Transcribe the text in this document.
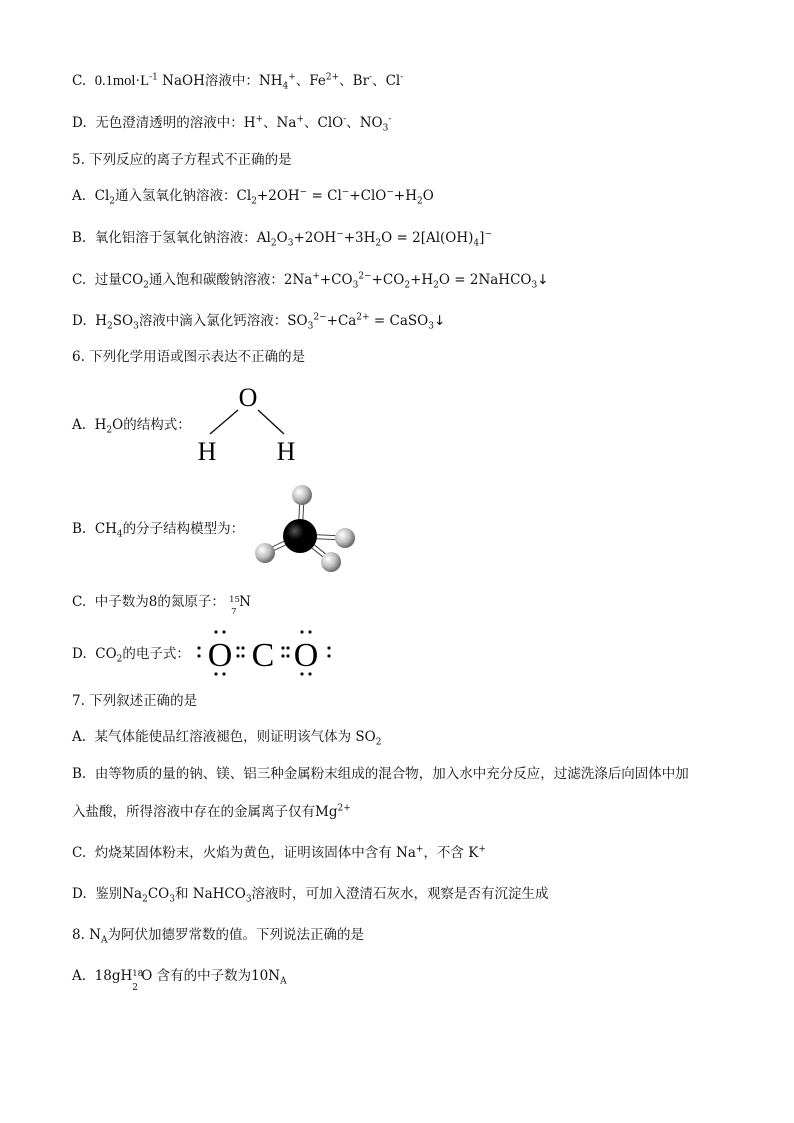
C. $0.1mol\cdot L^{-1}$ NaOH溶液中：$NH_4^+$、$Fe^{2+}$、Br-、Cl-
D. 无色澄清透明的溶液中：H+、Na+、ClO-、$NO_3^-$
5. 下列反应的离子方程式不正确的是
A. $Cl_2$通入氢氧化钠溶液：$Cl_2+2OH^- = Cl^-+ClO^-+H_2O$
B. 氧化铝溶于氢氧化钠溶液：$Al_2O_3+2OH^-+3H_2O = 2[Al(OH)_4]^-$
C. 过量$CO_2$通入饱和碳酸钠溶液：$2Na^++CO_3^{2-}+CO_2+H_2O$ = 2NaHCO$_3$↓
D. $H_2SO_3$溶液中滴入氯化钙溶液：$SO_3^{2-}+Ca^{2+}$ = CaSO$_3$↓
6. 下列化学用语或图示表达不正确的是
A. $H_2O$的结构式：
O
H H
B. $CH_4$的分子结构模型为：
C. 中子数为8的氮原子： 15
7
N
D. $CO_2$的电子式： O C O
7. 下列叙述正确的是
A. 某气体能使品红溶液褪色，则证明该气体为 $SO_2$
B. 由等物质的量的钠、镁、铝三种金属粉末组成的混合物，加入水中充分反应，过滤洗涤后向固体中加
入盐酸，所得溶液中存在的金属离子仅有$Mg^{2+}$
C. 灼烧某固体粉末，火焰为黄色，证明该固体中含有 Na+，不含 K+
D. 鉴别$Na_2CO_3$和 NaHCO$_3$溶液时，可加入澄清石灰水，观察是否有沉淀生成
8. $N_A$为阿伏加德罗常数的值。下列说法正确的是
A. 18gH
2
18
O 含有的中子数为$10N_A$
